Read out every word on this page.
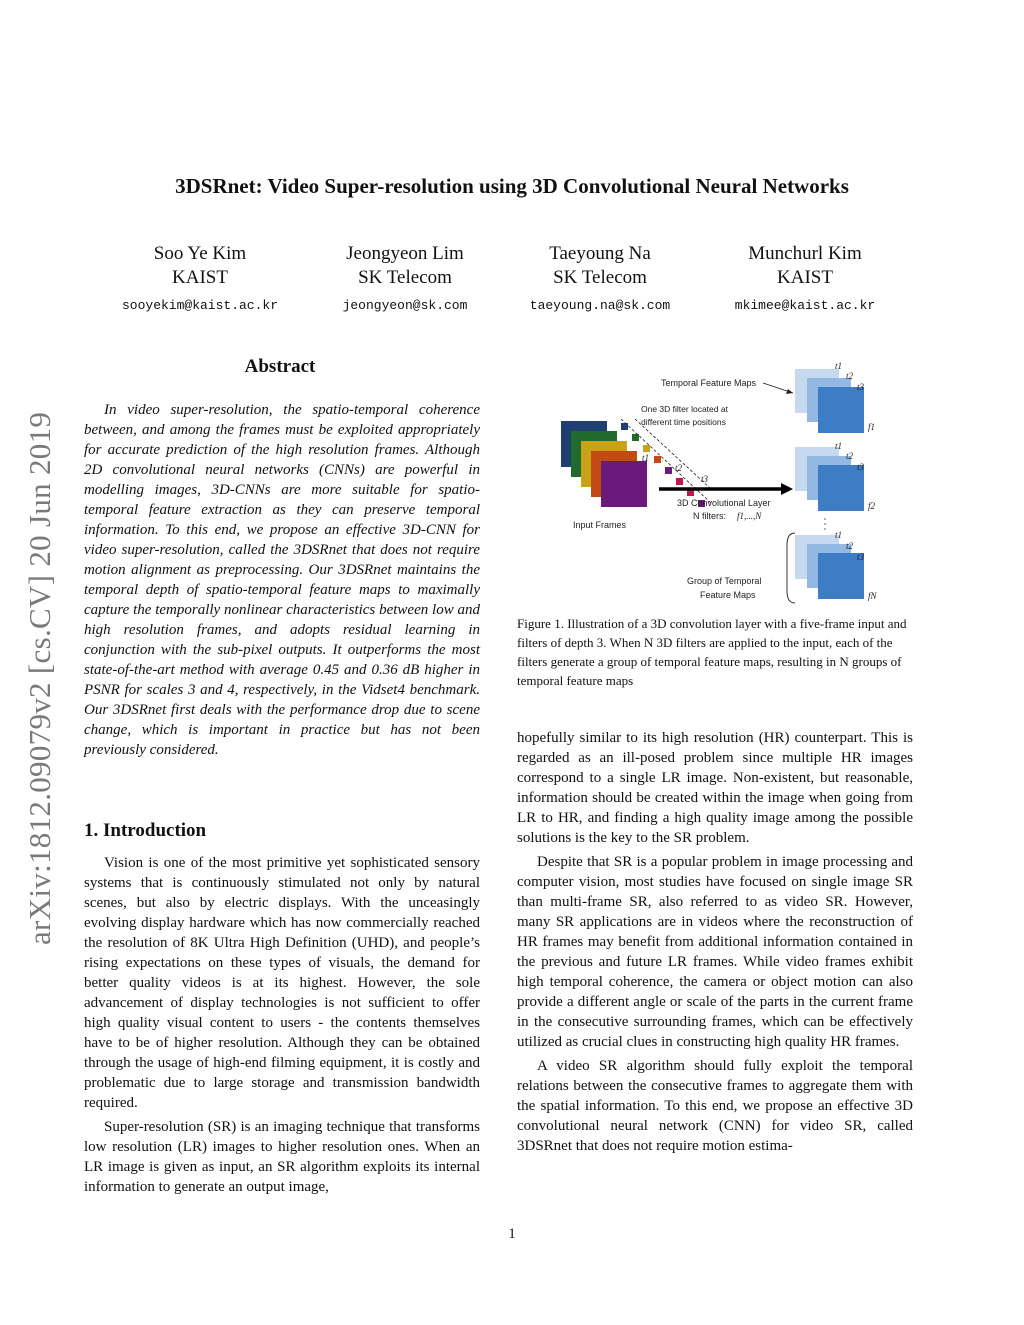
arXiv:1812.09079v2 [cs.CV] 20 Jun 2019
3DSRnet: Video Super-resolution using 3D Convolutional Neural Networks
Soo Ye Kim
KAIST
sooyekim@kaist.ac.kr
Jeongyeon Lim
SK Telecom
jeongyeon@sk.com
Taeyoung Na
SK Telecom
taeyoung.na@sk.com
Munchurl Kim
KAIST
mkimee@kaist.ac.kr
Abstract

In video super-resolution, the spatio-temporal coherence between, and among the frames must be exploited appropriately for accurate prediction of the high resolution frames. Although 2D convolutional neural networks (CNNs) are powerful in modelling images, 3D-CNNs are more suitable for spatio-temporal feature extraction as they can preserve temporal information. To this end, we propose an effective 3D-CNN for video super-resolution, called the 3DSRnet that does not require motion alignment as preprocessing. Our 3DSRnet maintains the temporal depth of spatio-temporal feature maps to maximally capture the temporally nonlinear characteristics between low and high resolution frames, and adopts residual learning in conjunction with the sub-pixel outputs. It outperforms the most state-of-the-art method with average 0.45 and 0.36 dB higher in PSNR for scales 3 and 4, respectively, in the Vidset4 benchmark. Our 3DSRnet first deals with the performance drop due to scene change, which is important in practice but has not been previously considered.

1. Introduction

Vision is one of the most primitive yet sophisticated sensory systems that is continuously stimulated not only by natural scenes, but also by electric displays. With the unceasingly evolving display hardware which has now commercially reached the resolution of 8K Ultra High Definition (UHD), and people’s rising expectations on these types of visuals, the demand for better quality videos is at its highest. However, the sole advancement of display technologies is not sufficient to offer high quality visual content to users - the contents themselves have to be of higher resolution. Although they can be obtained through the usage of high-end filming equipment, it is costly and problematic due to large storage and transmission bandwidth required.

Super-resolution (SR) is an imaging technique that transforms low resolution (LR) images to higher resolution ones. When an LR image is given as input, an SR algorithm exploits its internal information to generate an output image,

Input Frames
One 3D filter located at
different time positions
t1
t2
t3
3D Convolutional Layer
N filters: f1,...,N
Temporal Feature Maps
t1
t2
t3
f1
t1
t2
t3
f2
t1
t2
t3
fN
Group of Temporal
Feature Maps

Figure 1. Illustration of a 3D convolution layer with a five-frame input and filters of depth 3. When N 3D filters are applied to the input, each of the filters generate a group of temporal feature maps, resulting in N groups of temporal feature maps

hopefully similar to its high resolution (HR) counterpart. This is regarded as an ill-posed problem since multiple HR images correspond to a single LR image. Non-existent, but reasonable, information should be created within the image when going from LR to HR, and finding a high quality image among the possible solutions is the key to the SR problem.

Despite that SR is a popular problem in image processing and computer vision, most studies have focused on single image SR than multi-frame SR, also referred to as video SR. However, many SR applications are in videos where the reconstruction of HR frames may benefit from additional information contained in the previous and future LR frames. While video frames exhibit high temporal coherence, the camera or object motion can also provide a different angle or scale of the parts in the current frame in the consecutive surrounding frames, which can be effectively utilized as crucial clues in constructing high quality HR frames.

A video SR algorithm should fully exploit the temporal relations between the consecutive frames to aggregate them with the spatial information. To this end, we propose an effective 3D convolutional neural network (CNN) for video SR, called 3DSRnet that does not require motion estima-

1
